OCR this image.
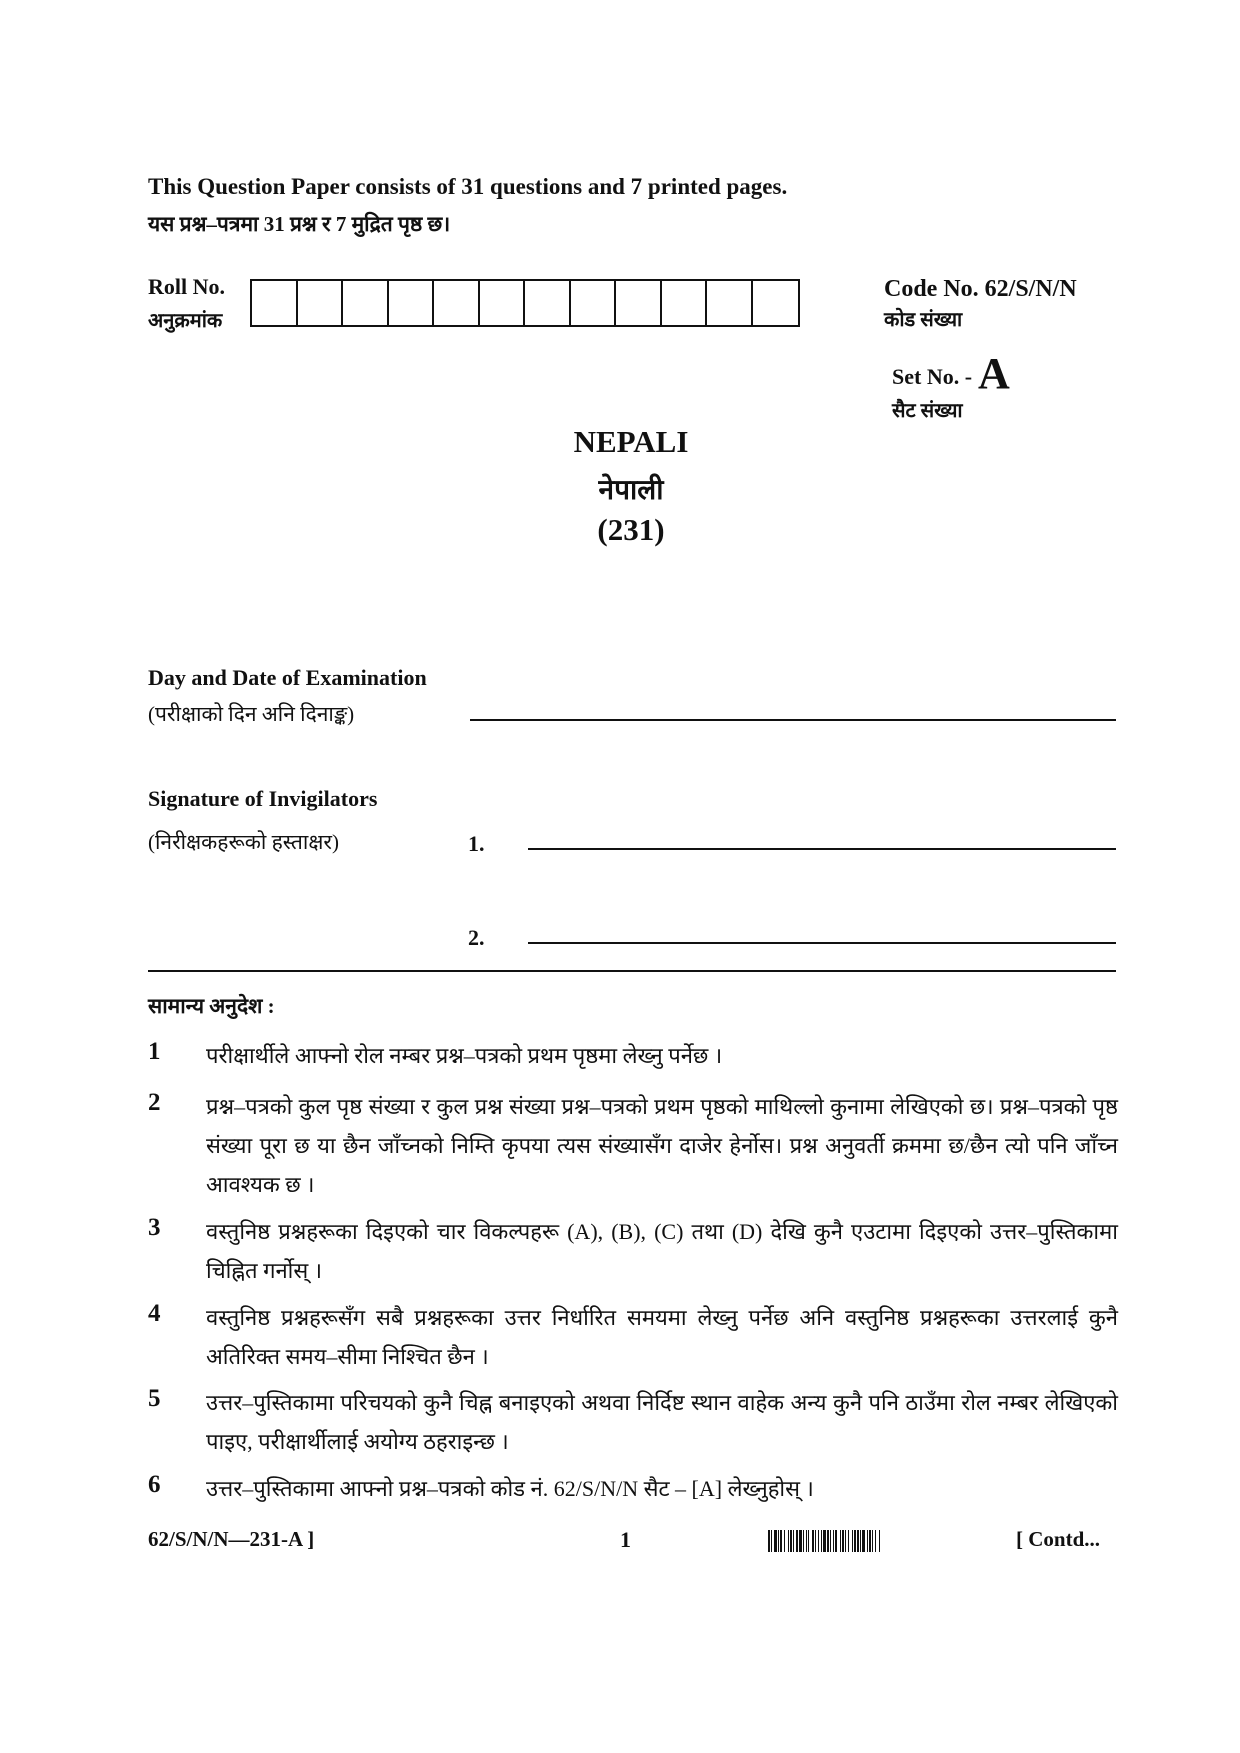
This Question Paper consists of 31 questions and 7 printed pages.
यस प्रश्न–पत्रमा 31 प्रश्न र 7 मुद्रित पृष्ठ छ।
Roll No.
अनुक्रमांक
Code No. 62/S/N/N
कोड संख्या
Set No. - A
सैट संख्या
NEPALI
नेपाली
(231)
Day and Date of Examination
(परीक्षाको दिन अनि दिनाङ्क)
Signature of Invigilators
(निरीक्षकहरूको हस्ताक्षर)	1.
2.
सामान्य अनुदेश :
1 परीक्षार्थीले आफ्नो रोल नम्बर प्रश्न–पत्रको प्रथम पृष्ठमा लेख्नु पर्नेछ ।
2 प्रश्न–पत्रको कुल पृष्ठ संख्या र कुल प्रश्न संख्या प्रश्न–पत्रको प्रथम पृष्ठको माथिल्लो कुनामा लेखिएको छ। प्रश्न–पत्रको पृष्ठ संख्या पूरा छ या छैन जाँच्नको निम्ति कृपया त्यस संख्यासँग दाजेर हेर्नोस। प्रश्न अनुवर्ती क्रममा छ/छैन त्यो पनि जाँच्न आवश्यक छ ।
3 वस्तुनिष्ठ प्रश्नहरूका दिइएको चार विकल्पहरू (A), (B), (C) तथा (D) देखि कुनै एउटामा दिइएको उत्तर–पुस्तिकामा चिह्नित गर्नोस् ।
4 वस्तुनिष्ठ प्रश्नहरूसँग सबै प्रश्नहरूका उत्तर निर्धारित समयमा लेख्नु पर्नेछ अनि वस्तुनिष्ठ प्रश्नहरूका उत्तरलाई कुनै अतिरिक्त समय–सीमा निश्चित छैन ।
5 उत्तर–पुस्तिकामा परिचयको कुनै चिह्न बनाइएको अथवा निर्दिष्ट स्थान वाहेक अन्य कुनै पनि ठाउँमा रोल नम्बर लेखिएको पाइए, परीक्षार्थीलाई अयोग्य ठहराइन्छ ।
6 उत्तर–पुस्तिकामा आफ्नो प्रश्न–पत्रको कोड नं. 62/S/N/N सैट – [A] लेख्नुहोस् ।
62/S/N/N—231-A ]	1	[ Contd...
